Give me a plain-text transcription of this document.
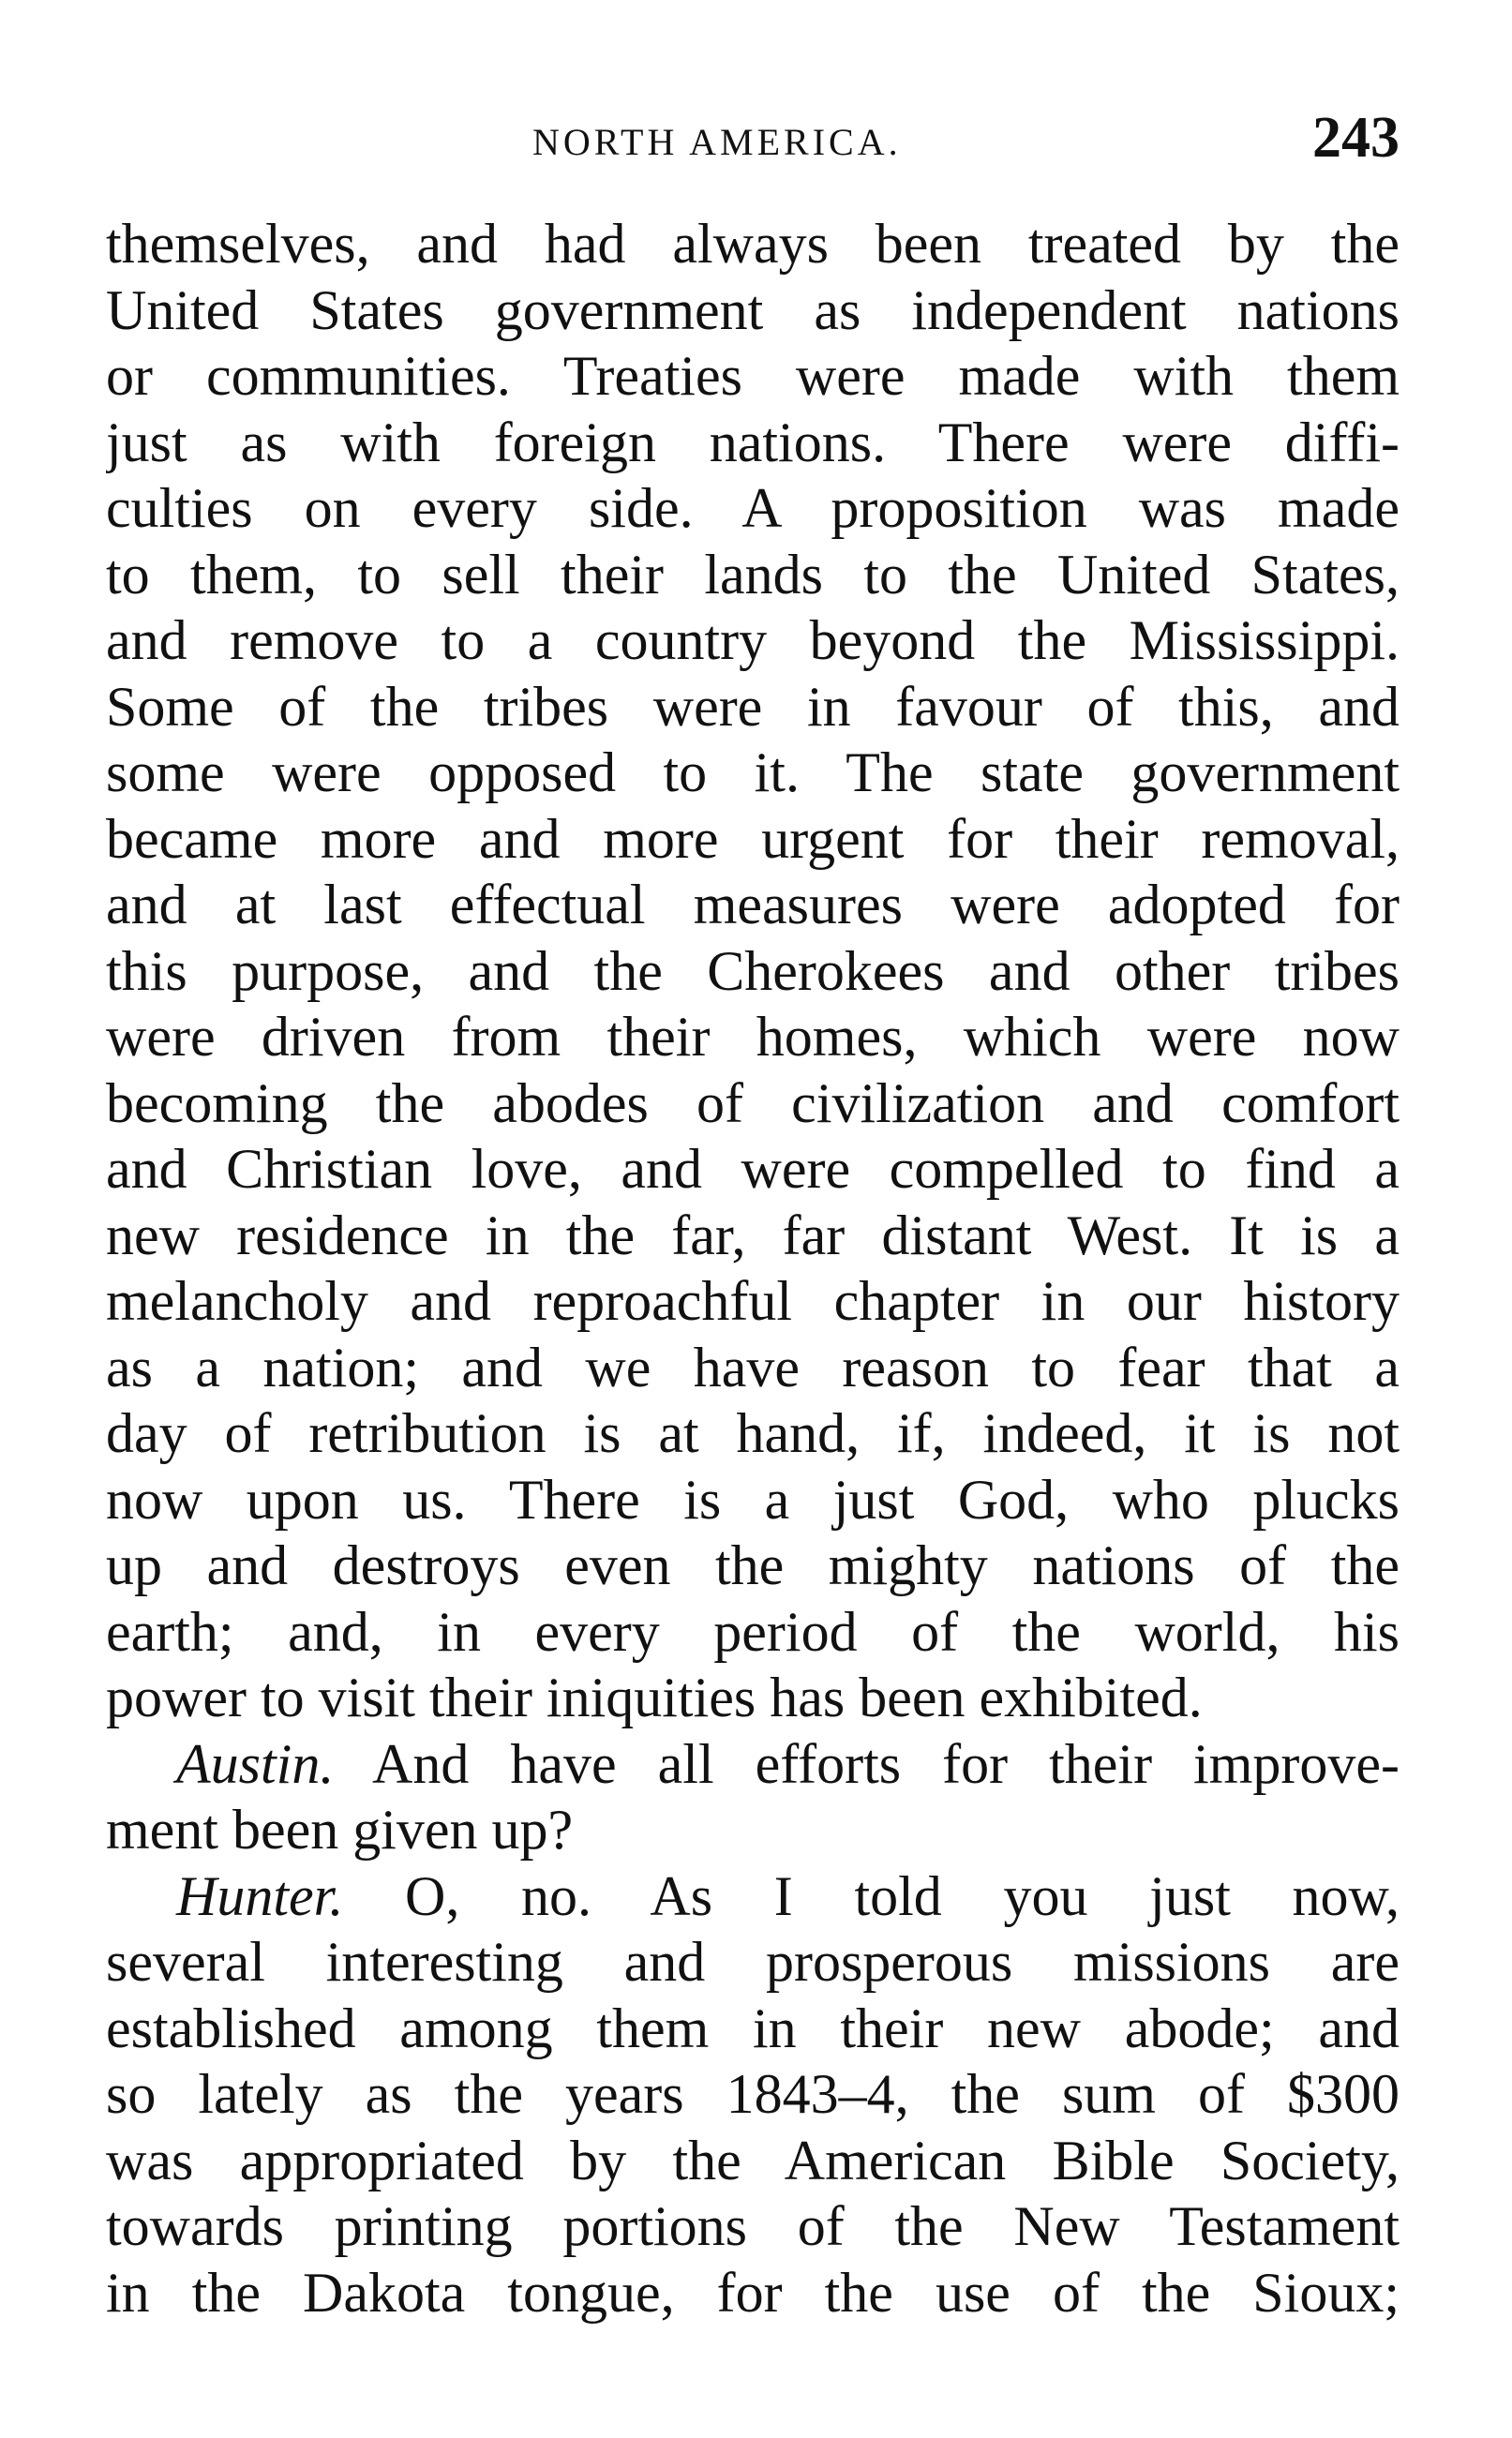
NORTH AMERICA.	243
themselves, and had always been treated by the
United States government as independent nations
or communities. Treaties were made with them
just as with foreign nations. There were diffi-
culties on every side. A proposition was made
to them, to sell their lands to the United States,
and remove to a country beyond the Mississippi.
Some of the tribes were in favour of this, and
some were opposed to it. The state government
became more and more urgent for their removal,
and at last effectual measures were adopted for
this purpose, and the Cherokees and other tribes
were driven from their homes, which were now
becoming the abodes of civilization and comfort
and Christian love, and were compelled to find a
new residence in the far, far distant West. It is a
melancholy and reproachful chapter in our history
as a nation; and we have reason to fear that a
day of retribution is at hand, if, indeed, it is not
now upon us. There is a just God, who plucks
up and destroys even the mighty nations of the
earth; and, in every period of the world, his
power to visit their iniquities has been exhibited.
Austin. And have all efforts for their improve-
ment been given up?
Hunter. O, no. As I told you just now,
several interesting and prosperous missions are
established among them in their new abode; and
so lately as the years 1843–4, the sum of $300
was appropriated by the American Bible Society,
towards printing portions of the New Testament
in the Dakota tongue, for the use of the Sioux;
